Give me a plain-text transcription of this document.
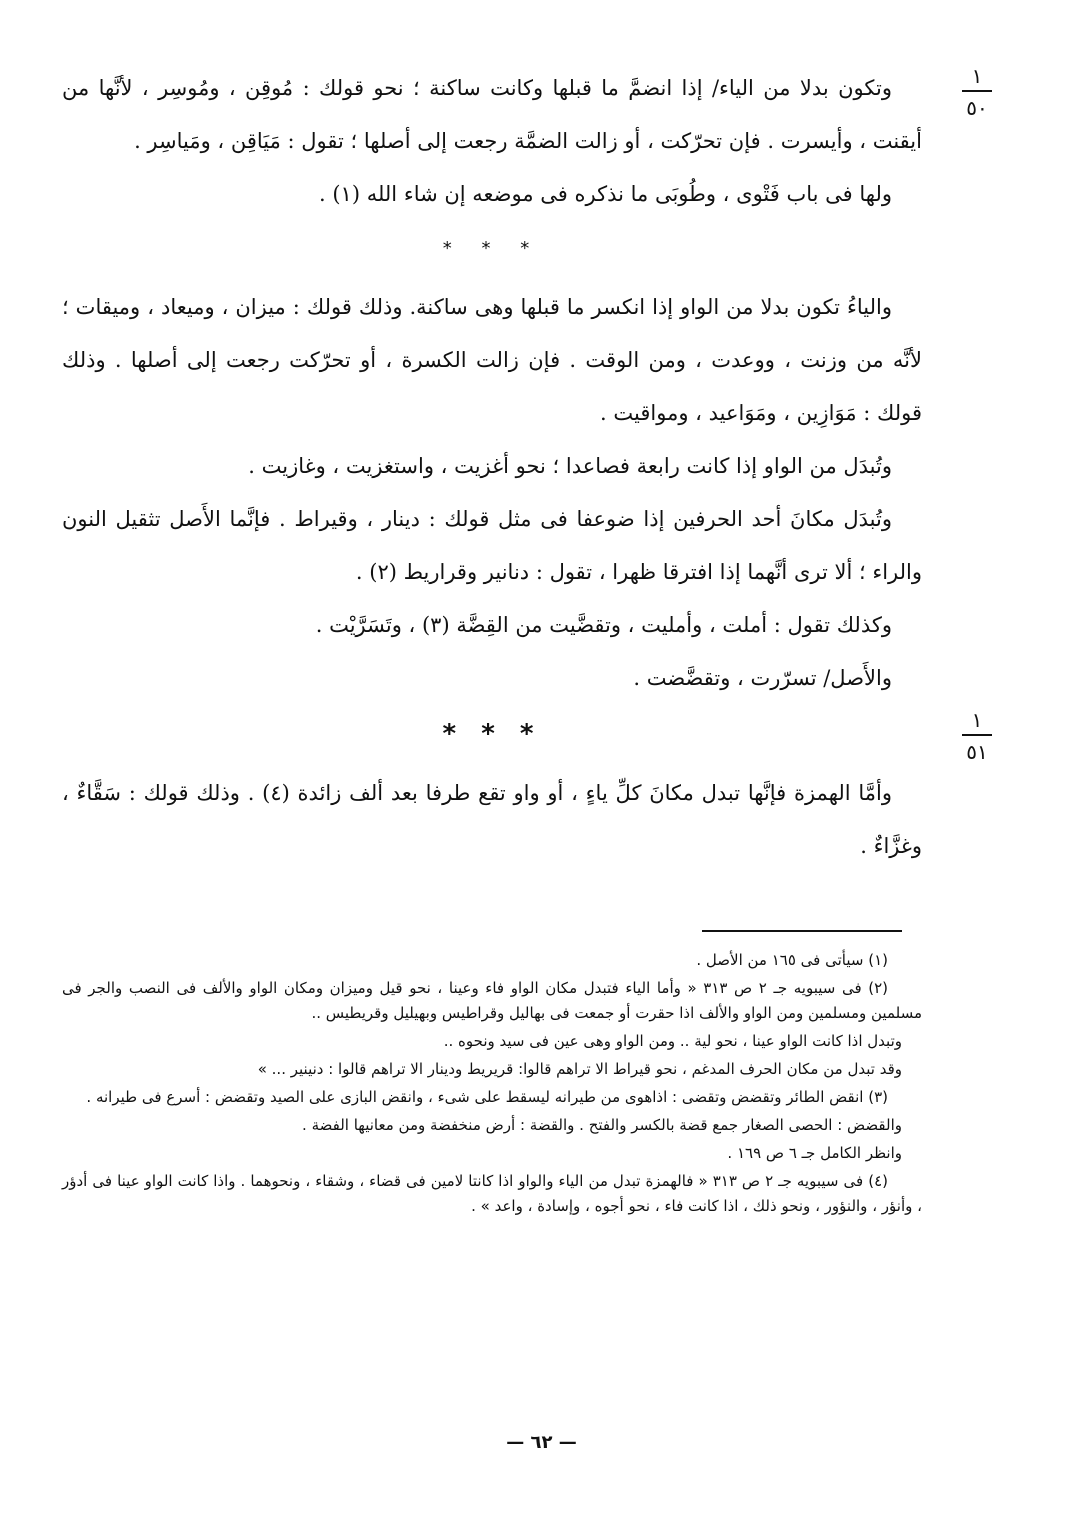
١
٥٠
١
٥١

وتكون بدلا من الياء/ إذا انضمَّ ما قبلها وكانت ساكنة ؛ نحو قولك : مُوقِن ، ومُوسِر ، لأنَّها من أيقنت ، وأيسرت . فإن تحرّكت ، أو زالت الضمَّة رجعت إلى أصلها ؛ تقول : مَيَاقِن ، ومَياسِر .

ولها فى باب فَتْوى ، وطُوبَى ما نذكره فى موضعه إن شاء الله (١) .

* * *

والياءُ تكون بدلا من الواو إذا انكسر ما قبلها وهى ساكنة. وذلك قولك : ميزان ، وميعاد ، وميقات ؛ لأنَّه من وزنت ، ووعدت ، ومن الوقت . فإن زالت الكسرة ، أو تحرّكت رجعت إلى أصلها . وذلك قولك : مَوَازِين ، ومَوَاعيد ، ومواقيت .

وتُبدَل من الواو إذا كانت رابعة فصاعدا ؛ نحو أغزيت ، واستغزيت ، وغازيت .

وتُبدَل مكانَ أحد الحرفين إذا ضوعفا فى مثل قولك : دينار ، وقيراط . فإنَّما الأَصل تثقيل النون والراء ؛ ألا ترى أنَّهما إذا افترقا ظهرا ، تقول : دنانير وقراريط (٢) .

وكذلك تقول : أملت ، وأمليت ، وتقضَّيت من القِضَّة (٣) ، وتَسَرَّيْت .

والأَصل/ تسرّرت ، وتقضَّضت .

* * *

وأمَّا الهمزة فإنَّها تبدل مكانَ كلِّ ياءٍ ، أو واو تقع طرفا بعد ألف زائدة (٤) . وذلك قولك : سَقَّاءٌ ، وغزَّاءٌ .

(١) سيأتى فى ١٦٥ من الأصل .

(٢) فى سيبويه جـ ٢ ص ٣١٣ « وأما الياء فتبدل مكان الواو فاء وعينا ، نحو قيل وميزان ومكان الواو والألف فى النصب والجر فى مسلمين ومسلمين ومن الواو والألف اذا حقرت أو جمعت فى بهاليل وقراطيس وبهيليل وقريطيس ..

وتبدل اذا كانت الواو عينا ، نحو لية .. ومن الواو وهى عين فى سيد ونحوه ..

وقد تبدل من مكان الحرف المدغم ، نحو قيراط الا تراهم قالوا: قريريط ودينار الا تراهم قالوا : دنينير ... »

(٣) انقض الطائر وتقضض وتقضى : اذاهوى من طيرانه ليسقط على شىء ، وانقض البازى على الصيد وتقضض : أسرع فى طيرانه .

والقضض : الحصى الصغار جمع قضة بالكسر والفتح . والقضة : أرض منخفضة ومن معانيها الفضة .

وانظر الكامل جـ ٦ ص ١٦٩ .

(٤) فى سيبويه جـ ٢ ص ٣١٣ « فالهمزة تبدل من الياء والواو اذا كانتا لامين فى قضاء ، وشقاء ، ونحوهما . واذا كانت الواو عينا فى أدؤر ، وأنؤر ، والنؤور ، ونحو ذلك ، اذا كانت فاء ، نحو أجوه ، وإسادة ، واعد » .

— ٦٢ —
